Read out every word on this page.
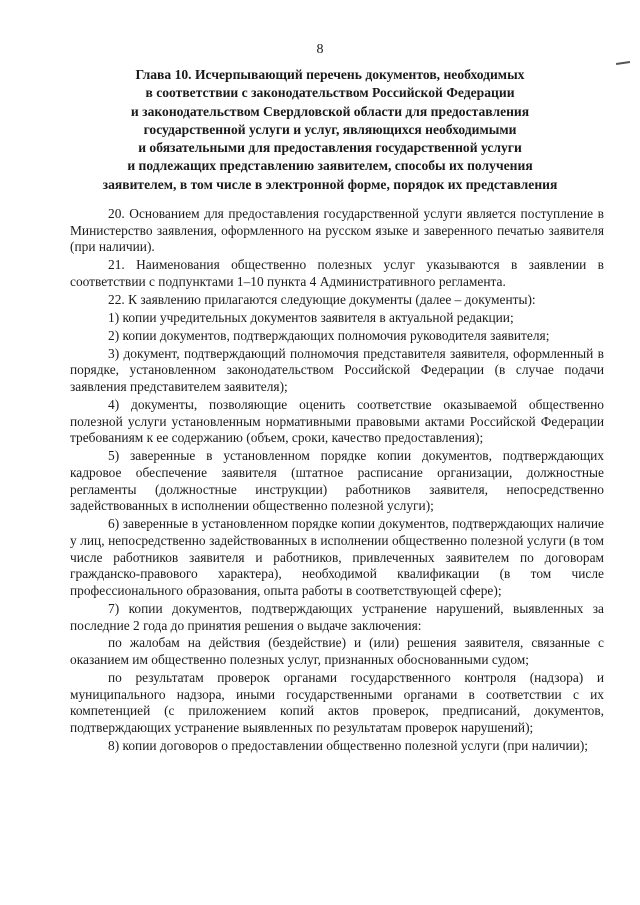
8
Глава 10. Исчерпывающий перечень документов, необходимых
в соответствии с законодательством Российской Федерации
и законодательством Свердловской области для предоставления
государственной услуги и услуг, являющихся необходимыми
и обязательными для предоставления государственной услуги
и подлежащих представлению заявителем, способы их получения
заявителем, в том числе в электронной форме, порядок их представления

20. Основанием для предоставления государственной услуги является поступление в Министерство заявления, оформленного на русском языке и заверенного печатью заявителя (при наличии).

21. Наименования общественно полезных услуг указываются в заявлении в соответствии с подпунктами 1–10 пункта 4 Административного регламента.

22. К заявлению прилагаются следующие документы (далее – документы):

1) копии учредительных документов заявителя в актуальной редакции;

2) копии документов, подтверждающих полномочия руководителя заявителя;

3) документ, подтверждающий полномочия представителя заявителя, оформленный в порядке, установленном законодательством Российской Федерации (в случае подачи заявления представителем заявителя);

4) документы, позволяющие оценить соответствие оказываемой общественно полезной услуги установленным нормативными правовыми актами Российской Федерации требованиям к ее содержанию (объем, сроки, качество предоставления);

5) заверенные в установленном порядке копии документов, подтверждающих кадровое обеспечение заявителя (штатное расписание организации, должностные регламенты (должностные инструкции) работников заявителя, непосредственно задействованных в исполнении общественно полезной услуги);

6) заверенные в установленном порядке копии документов, подтверждающих наличие у лиц, непосредственно задействованных в исполнении общественно полезной услуги (в том числе работников заявителя и работников, привлеченных заявителем по договорам гражданско-правового характера), необходимой квалификации (в том числе профессионального образования, опыта работы в соответствующей сфере);

7) копии документов, подтверждающих устранение нарушений, выявленных за последние 2 года до принятия решения о выдаче заключения:

по жалобам на действия (бездействие) и (или) решения заявителя, связанные с оказанием им общественно полезных услуг, признанных обоснованными судом;

по результатам проверок органами государственного контроля (надзора) и муниципального надзора, иными государственными органами в соответствии с их компетенцией (с приложением копий актов проверок, предписаний, документов, подтверждающих устранение выявленных по результатам проверок нарушений);

8) копии договоров о предоставлении общественно полезной услуги (при наличии);
